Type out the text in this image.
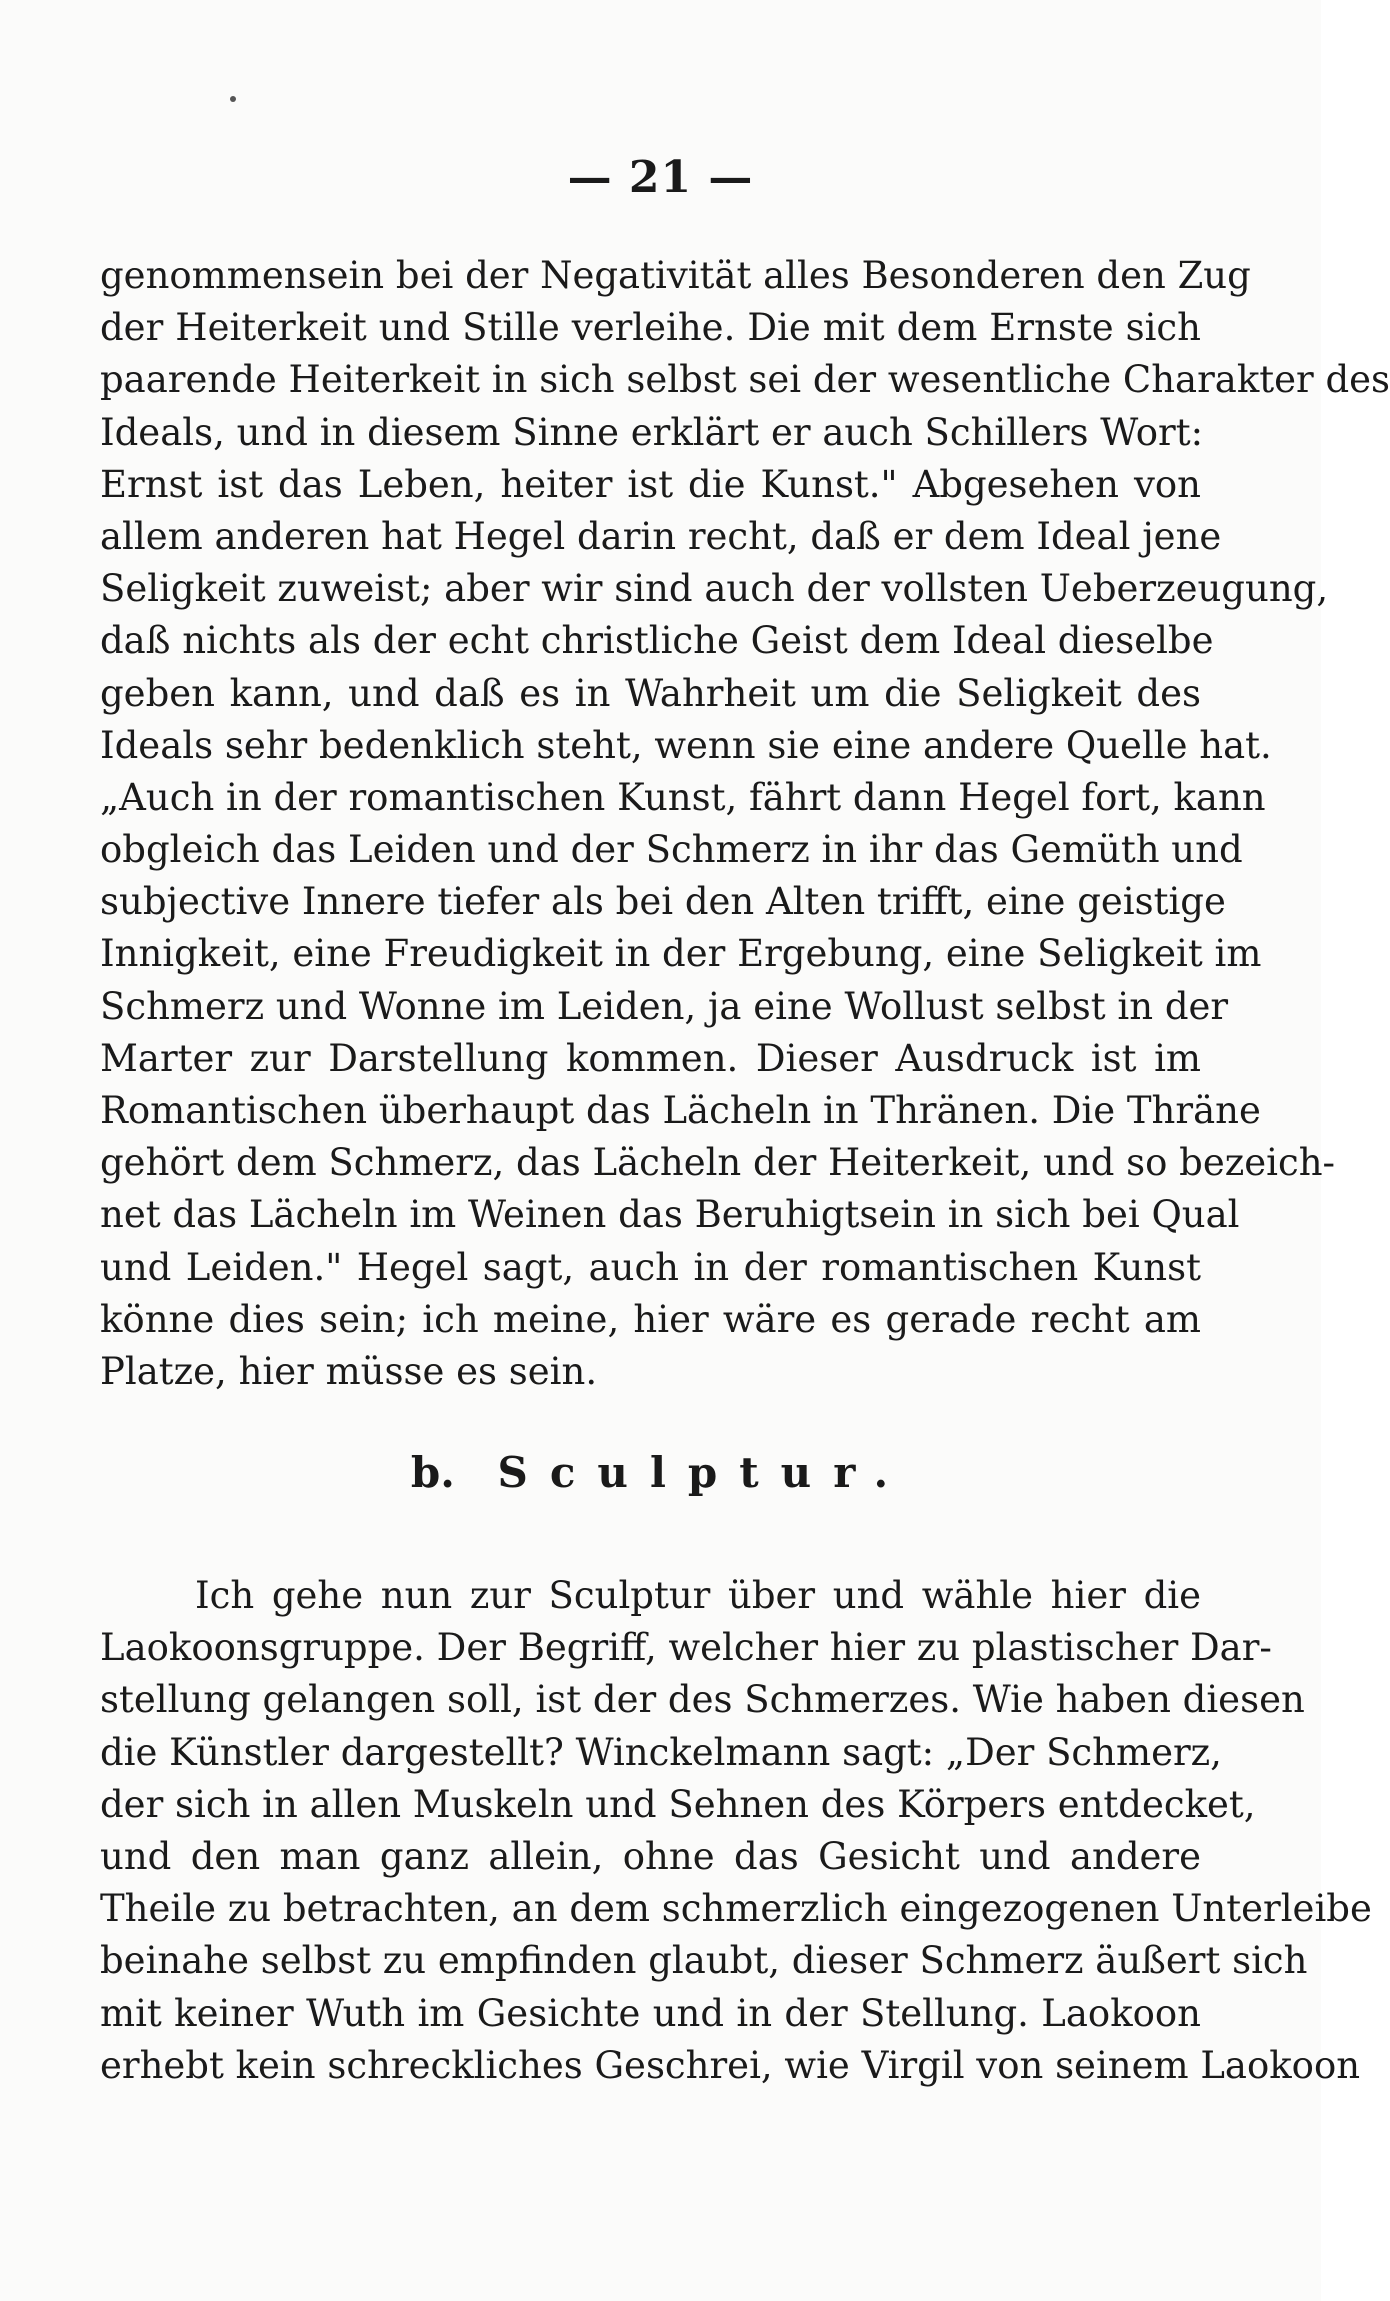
— 21 —
genommensein bei der Negativität alles Besonderen den Zug
der Heiterkeit und Stille verleihe. Die mit dem Ernste sich
paarende Heiterkeit in sich selbst sei der wesentliche Charakter des
Ideals, und in diesem Sinne erklärt er auch Schillers Wort:
Ernst ist das Leben, heiter ist die Kunst." Abgesehen von
allem anderen hat Hegel darin recht, daß er dem Ideal jene
Seligkeit zuweist; aber wir sind auch der vollsten Ueberzeugung,
daß nichts als der echt christliche Geist dem Ideal dieselbe
geben kann, und daß es in Wahrheit um die Seligkeit des
Ideals sehr bedenklich steht, wenn sie eine andere Quelle hat.
„Auch in der romantischen Kunst, fährt dann Hegel fort, kann
obgleich das Leiden und der Schmerz in ihr das Gemüth und
subjective Innere tiefer als bei den Alten trifft, eine geistige
Innigkeit, eine Freudigkeit in der Ergebung, eine Seligkeit im
Schmerz und Wonne im Leiden, ja eine Wollust selbst in der
Marter zur Darstellung kommen. Dieser Ausdruck ist im
Romantischen überhaupt das Lächeln in Thränen. Die Thräne
gehört dem Schmerz, das Lächeln der Heiterkeit, und so bezeich-
net das Lächeln im Weinen das Beruhigtsein in sich bei Qual
und Leiden." Hegel sagt, auch in der romantischen Kunst
könne dies sein; ich meine, hier wäre es gerade recht am
Platze, hier müsse es sein.
b. Sculptur.
Ich gehe nun zur Sculptur über und wähle hier die
Laokoonsgruppe. Der Begriff, welcher hier zu plastischer Dar-
stellung gelangen soll, ist der des Schmerzes. Wie haben diesen
die Künstler dargestellt? Winckelmann sagt: „Der Schmerz,
der sich in allen Muskeln und Sehnen des Körpers entdecket,
und den man ganz allein, ohne das Gesicht und andere
Theile zu betrachten, an dem schmerzlich eingezogenen Unterleibe
beinahe selbst zu empfinden glaubt, dieser Schmerz äußert sich
mit keiner Wuth im Gesichte und in der Stellung. Laokoon
erhebt kein schreckliches Geschrei, wie Virgil von seinem Laokoon
